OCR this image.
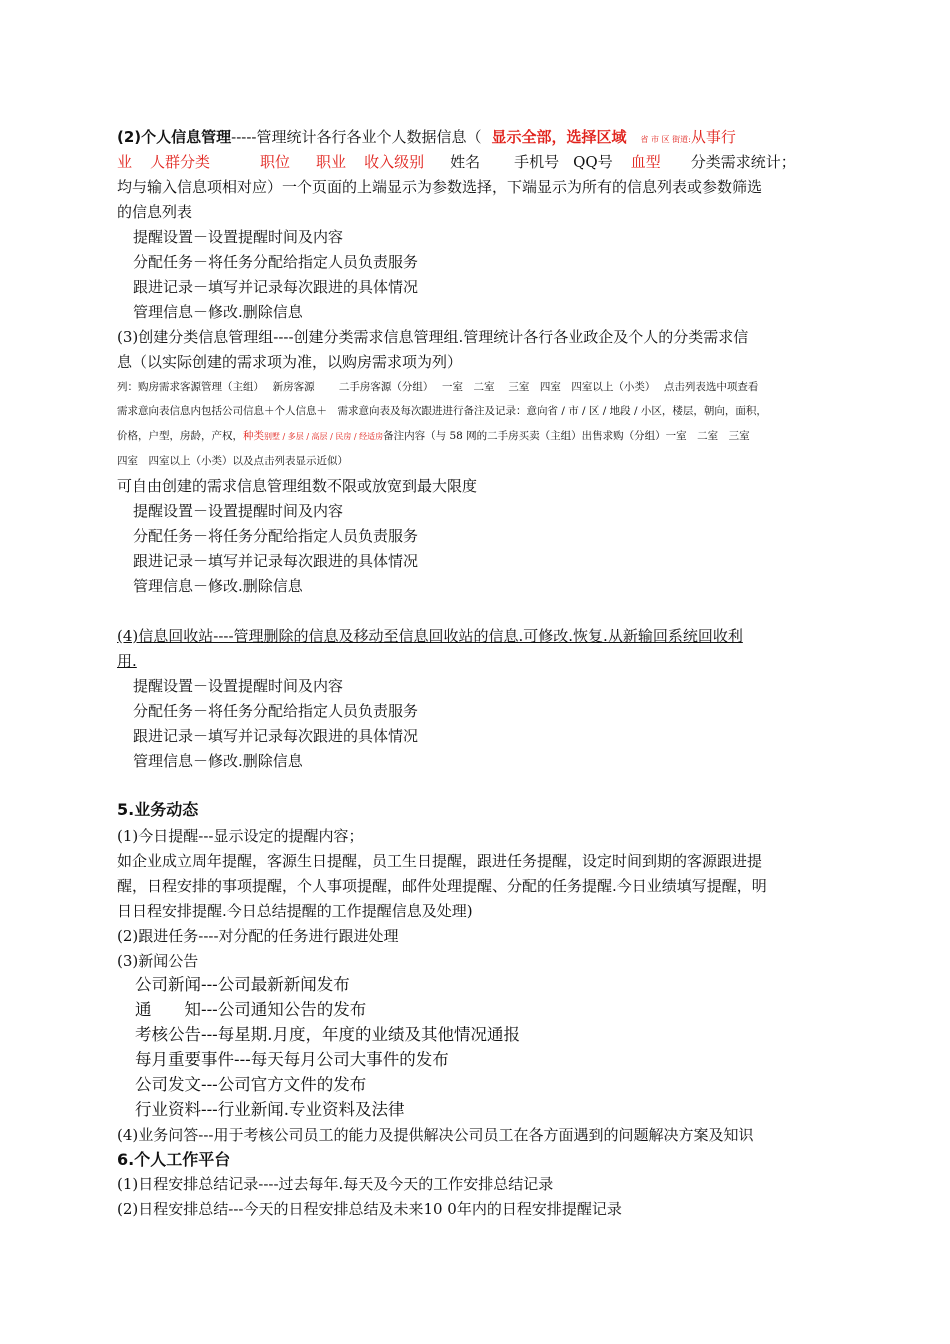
(2)个人信息管理-----管理统计各行各业个人数据信息（ 显示全部，选择区域 省 市 区 街道:从事行
业 人群分类	职位 职业 收入级别 姓名 手机号 QQ号 血型 分类需求统计；
均与输入信息项相对应）一个页面的上端显示为参数选择，下端显示为所有的信息列表或参数筛选
的信息列表
提醒设置－设置提醒时间及内容
分配任务－将任务分配给指定人员负责服务
跟进记录－填写并记录每次跟进的具体情况
管理信息－修改.删除信息
(3)创建分类信息管理组----创建分类需求信息管理组.管理统计各行各业政企及个人的分类需求信
息（以实际创建的需求项为准，以购房需求项为列）
列：购房需求客源管理（主组）　 新房客源　　 二手房客源（分组）　 一室　二室　 三室　四室　四室以上（小类）　 点击列表选中项查看
需求意向表信息内包括公司信息＋个人信息＋　需求意向表及每次跟进进行备注及记录：意向省 / 市 / 区 / 地段 / 小区，楼层，朝向，面积，
价格，户型，房龄，产权，种类别墅 / 多层 / 高层 / 民房 / 经适房备注内容（与 58 网的二手房买卖（主组）出售求购（分组）一室　二室　三室
四室　四室以上（小类）以及点击列表显示近似）
可自由创建的需求信息管理组数不限或放宽到最大限度
提醒设置－设置提醒时间及内容
分配任务－将任务分配给指定人员负责服务
跟进记录－填写并记录每次跟进的具体情况
管理信息－修改.删除信息
(4)信息回收站----管理删除的信息及移动至信息回收站的信息.可修改.恢复.从新输回系统回收利
用.
提醒设置－设置提醒时间及内容
分配任务－将任务分配给指定人员负责服务
跟进记录－填写并记录每次跟进的具体情况
管理信息－修改.删除信息
5.业务动态
(1)今日提醒---显示设定的提醒内容；
如企业成立周年提醒，客源生日提醒，员工生日提醒，跟进任务提醒，设定时间到期的客源跟进提
醒，日程安排的事项提醒，个人事项提醒，邮件处理提醒、分配的任务提醒.今日业绩填写提醒，明
日日程安排提醒.今日总结提醒的工作提醒信息及处理)
(2)跟进任务----对分配的任务进行跟进处理
(3)新闻公告
公司新闻---公司最新新闻发布
通　　知---公司通知公告的发布
考核公告---每星期.月度，年度的业绩及其他情况通报
每月重要事件---每天每月公司大事件的发布
公司发文---公司官方文件的发布
行业资料---行业新闻.专业资料及法律
(4)业务问答---用于考核公司员工的能力及提供解决公司员工在各方面遇到的问题解决方案及知识
6.个人工作平台
(1)日程安排总结记录----过去每年.每天及今天的工作安排总结记录
(2)日程安排总结---今天的日程安排总结及未来10 0年内的日程安排提醒记录
